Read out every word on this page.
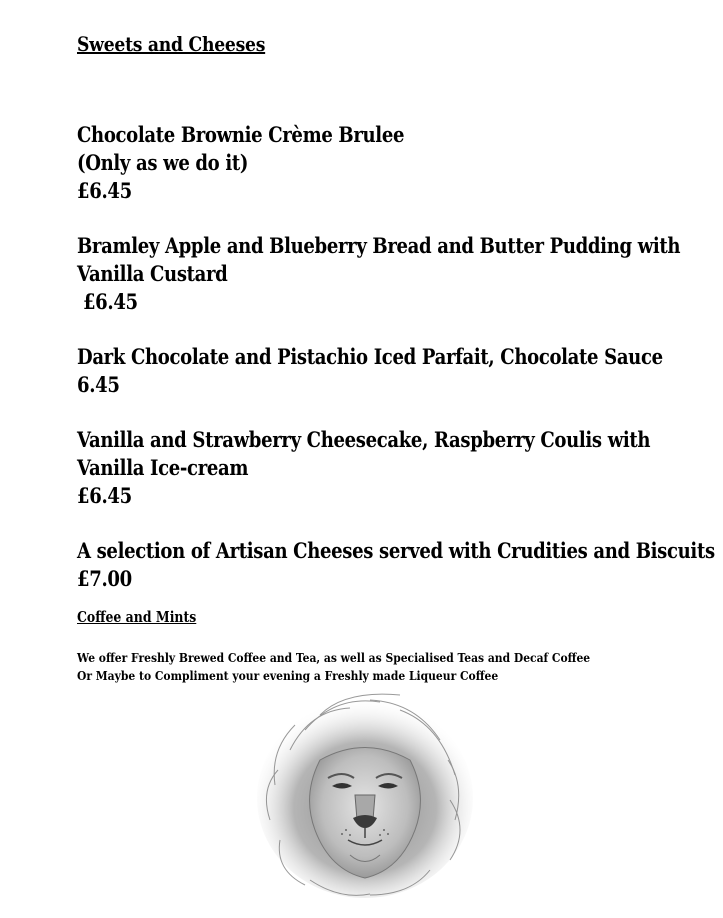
Sweets and Cheeses
Chocolate Brownie Crème Brulee
(Only as we do it)
£6.45
Bramley Apple and Blueberry Bread and Butter Pudding with
Vanilla Custard
£6.45
Dark Chocolate and Pistachio Iced Parfait, Chocolate Sauce
6.45
Vanilla and Strawberry Cheesecake, Raspberry Coulis with
Vanilla Ice-cream
£6.45
A selection of Artisan Cheeses served with Crudities and Biscuits
£7.00
Coffee and Mints
We offer Freshly Brewed Coffee and Tea, as well as Specialised Teas and Decaf Coffee
Or Maybe to Compliment your evening a Freshly made Liqueur Coffee
